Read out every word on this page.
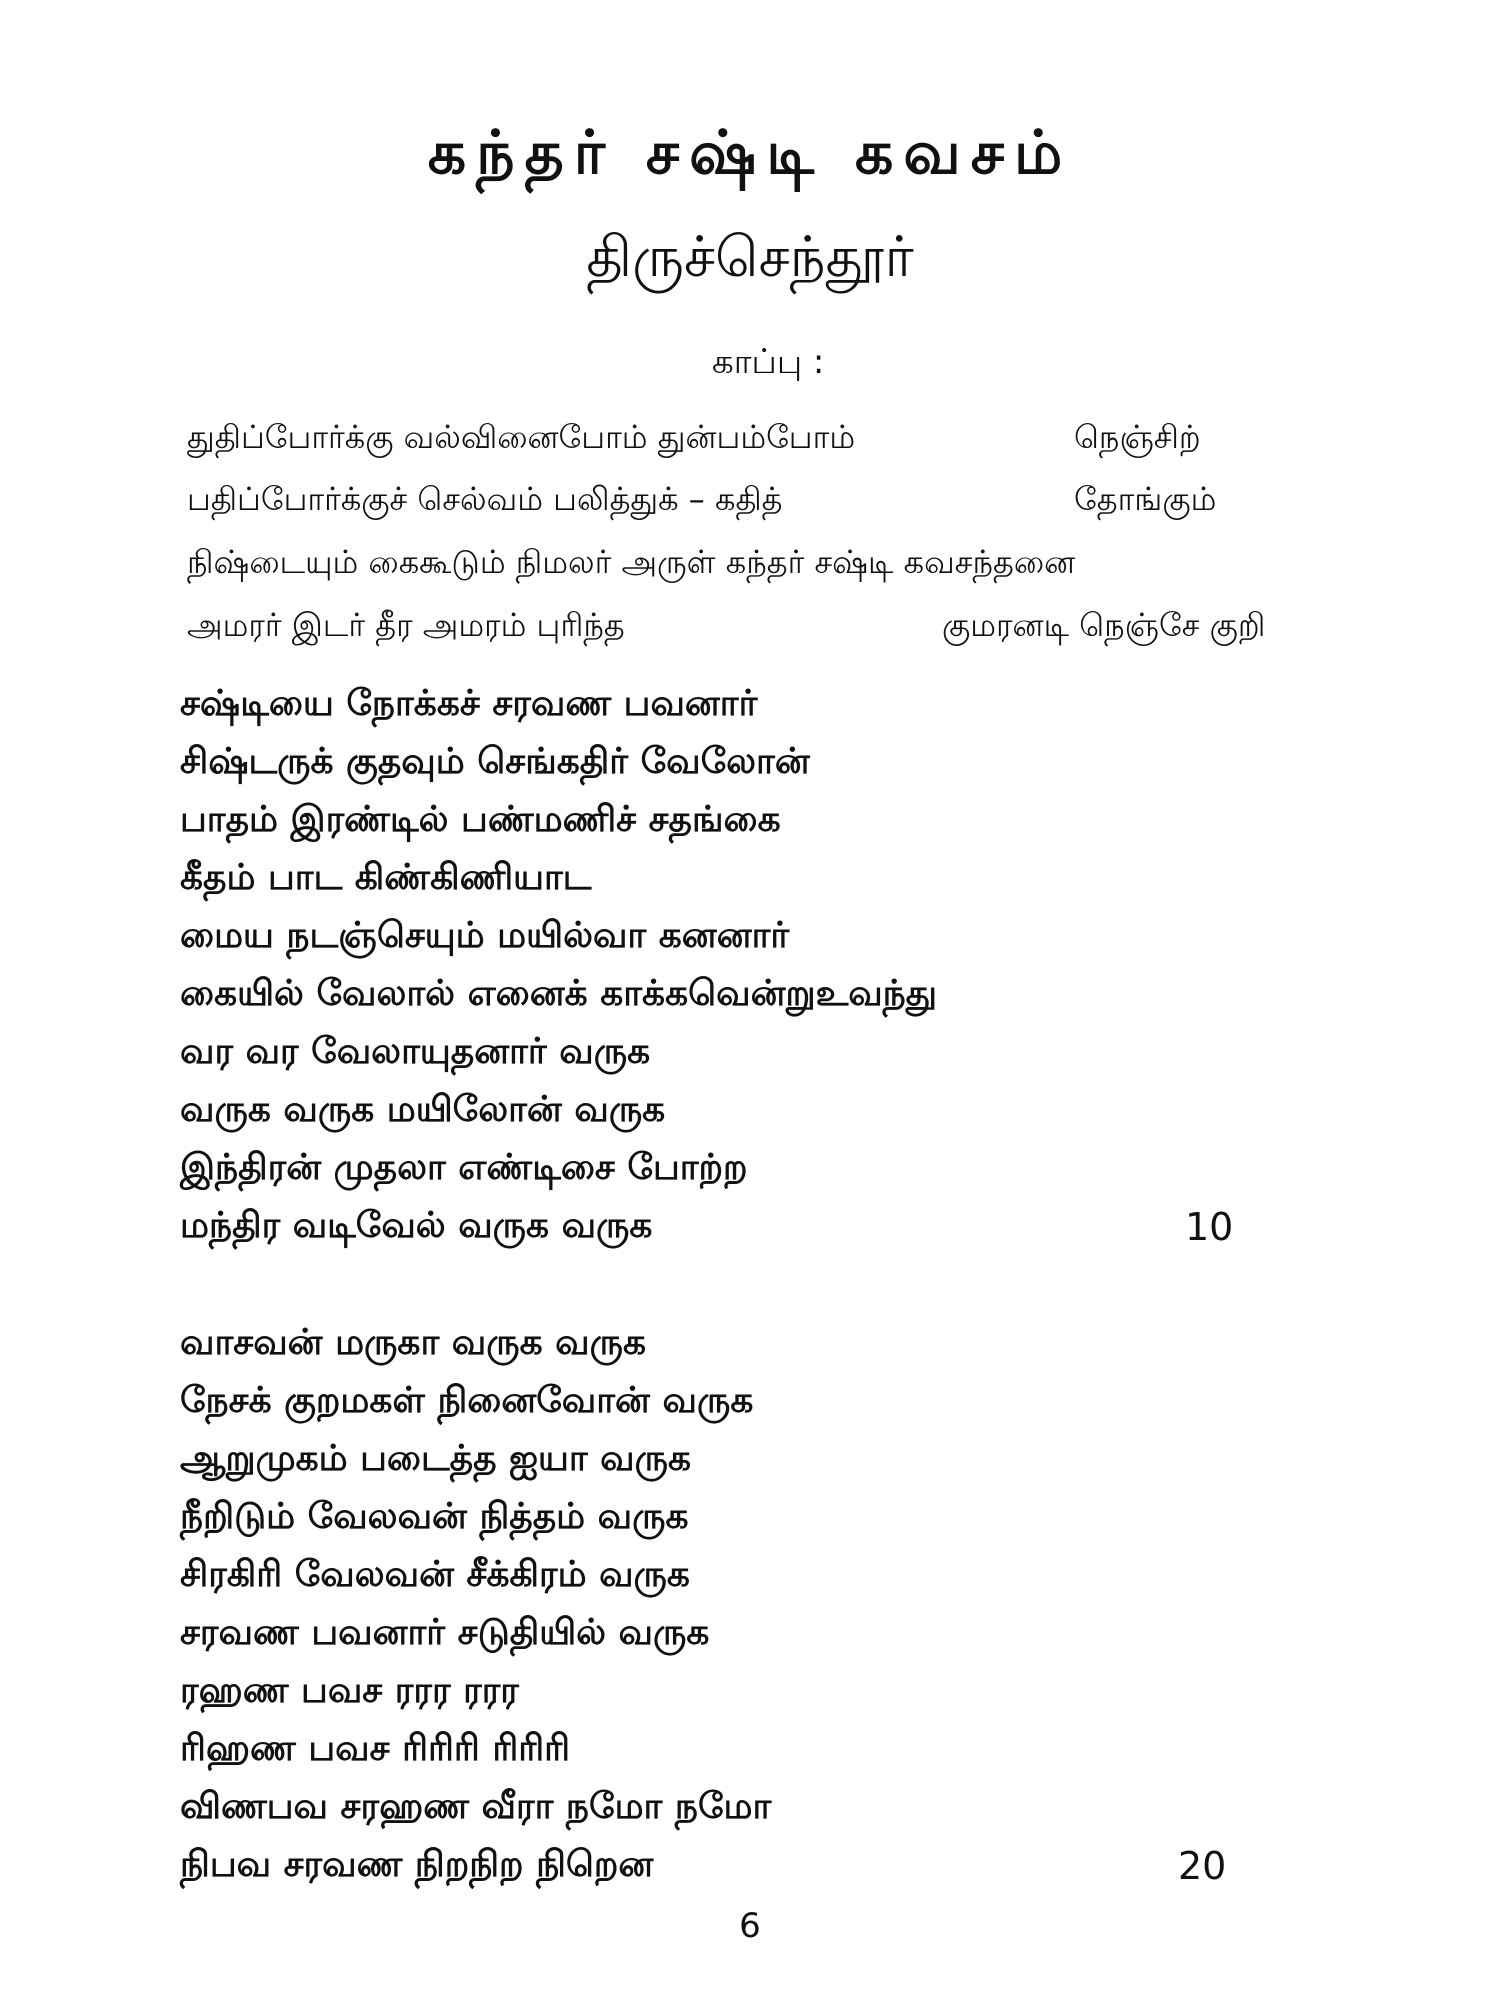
கந்தர் சஷ்டி கவசம்
திருச்செந்தூர்
காப்பு :
துதிப்போர்க்கு வல்வினைபோம் துன்பம்போம்	நெஞ்சிற்
பதிப்போர்க்குச் செல்வம் பலித்துக் – கதித்	தோங்கும்
நிஷ்டையும் கைகூடும் நிமலர் அருள் கந்தர் சஷ்டி கவசந்தனை
அமரர் இடர் தீர அமரம் புரிந்த	குமரனடி நெஞ்சே குறி
சஷ்டியை நோக்கச் சரவண பவனார்
சிஷ்டருக் குதவும் செங்கதிர் வேலோன்
பாதம் இரண்டில் பண்மணிச் சதங்கை
கீதம் பாட கிண்கிணியாட
மைய நடஞ்செயும் மயில்வா கனனார்
கையில் வேலால் எனைக் காக்கவென்றுஉவந்து
வர வர வேலாயுதனார் வருக
வருக வருக மயிலோன் வருக
இந்திரன் முதலா எண்டிசை போற்ற
மந்திர வடிவேல் வருக வருக	10
வாசவன் மருகா வருக வருக
நேசக் குறமகள் நினைவோன் வருக
ஆறுமுகம் படைத்த ஐயா வருக
நீறிடும் வேலவன் நித்தம் வருக
சிரகிரி வேலவன் சீக்கிரம் வருக
சரவண பவனார் சடுதியில் வருக
ரஹண பவச ரரர ரரர
ரிஹண பவச ரிரிரி ரிரிரி
விணபவ சரஹண வீரா நமோ நமோ
நிபவ சரவண நிறநிற நிறென	20
6
